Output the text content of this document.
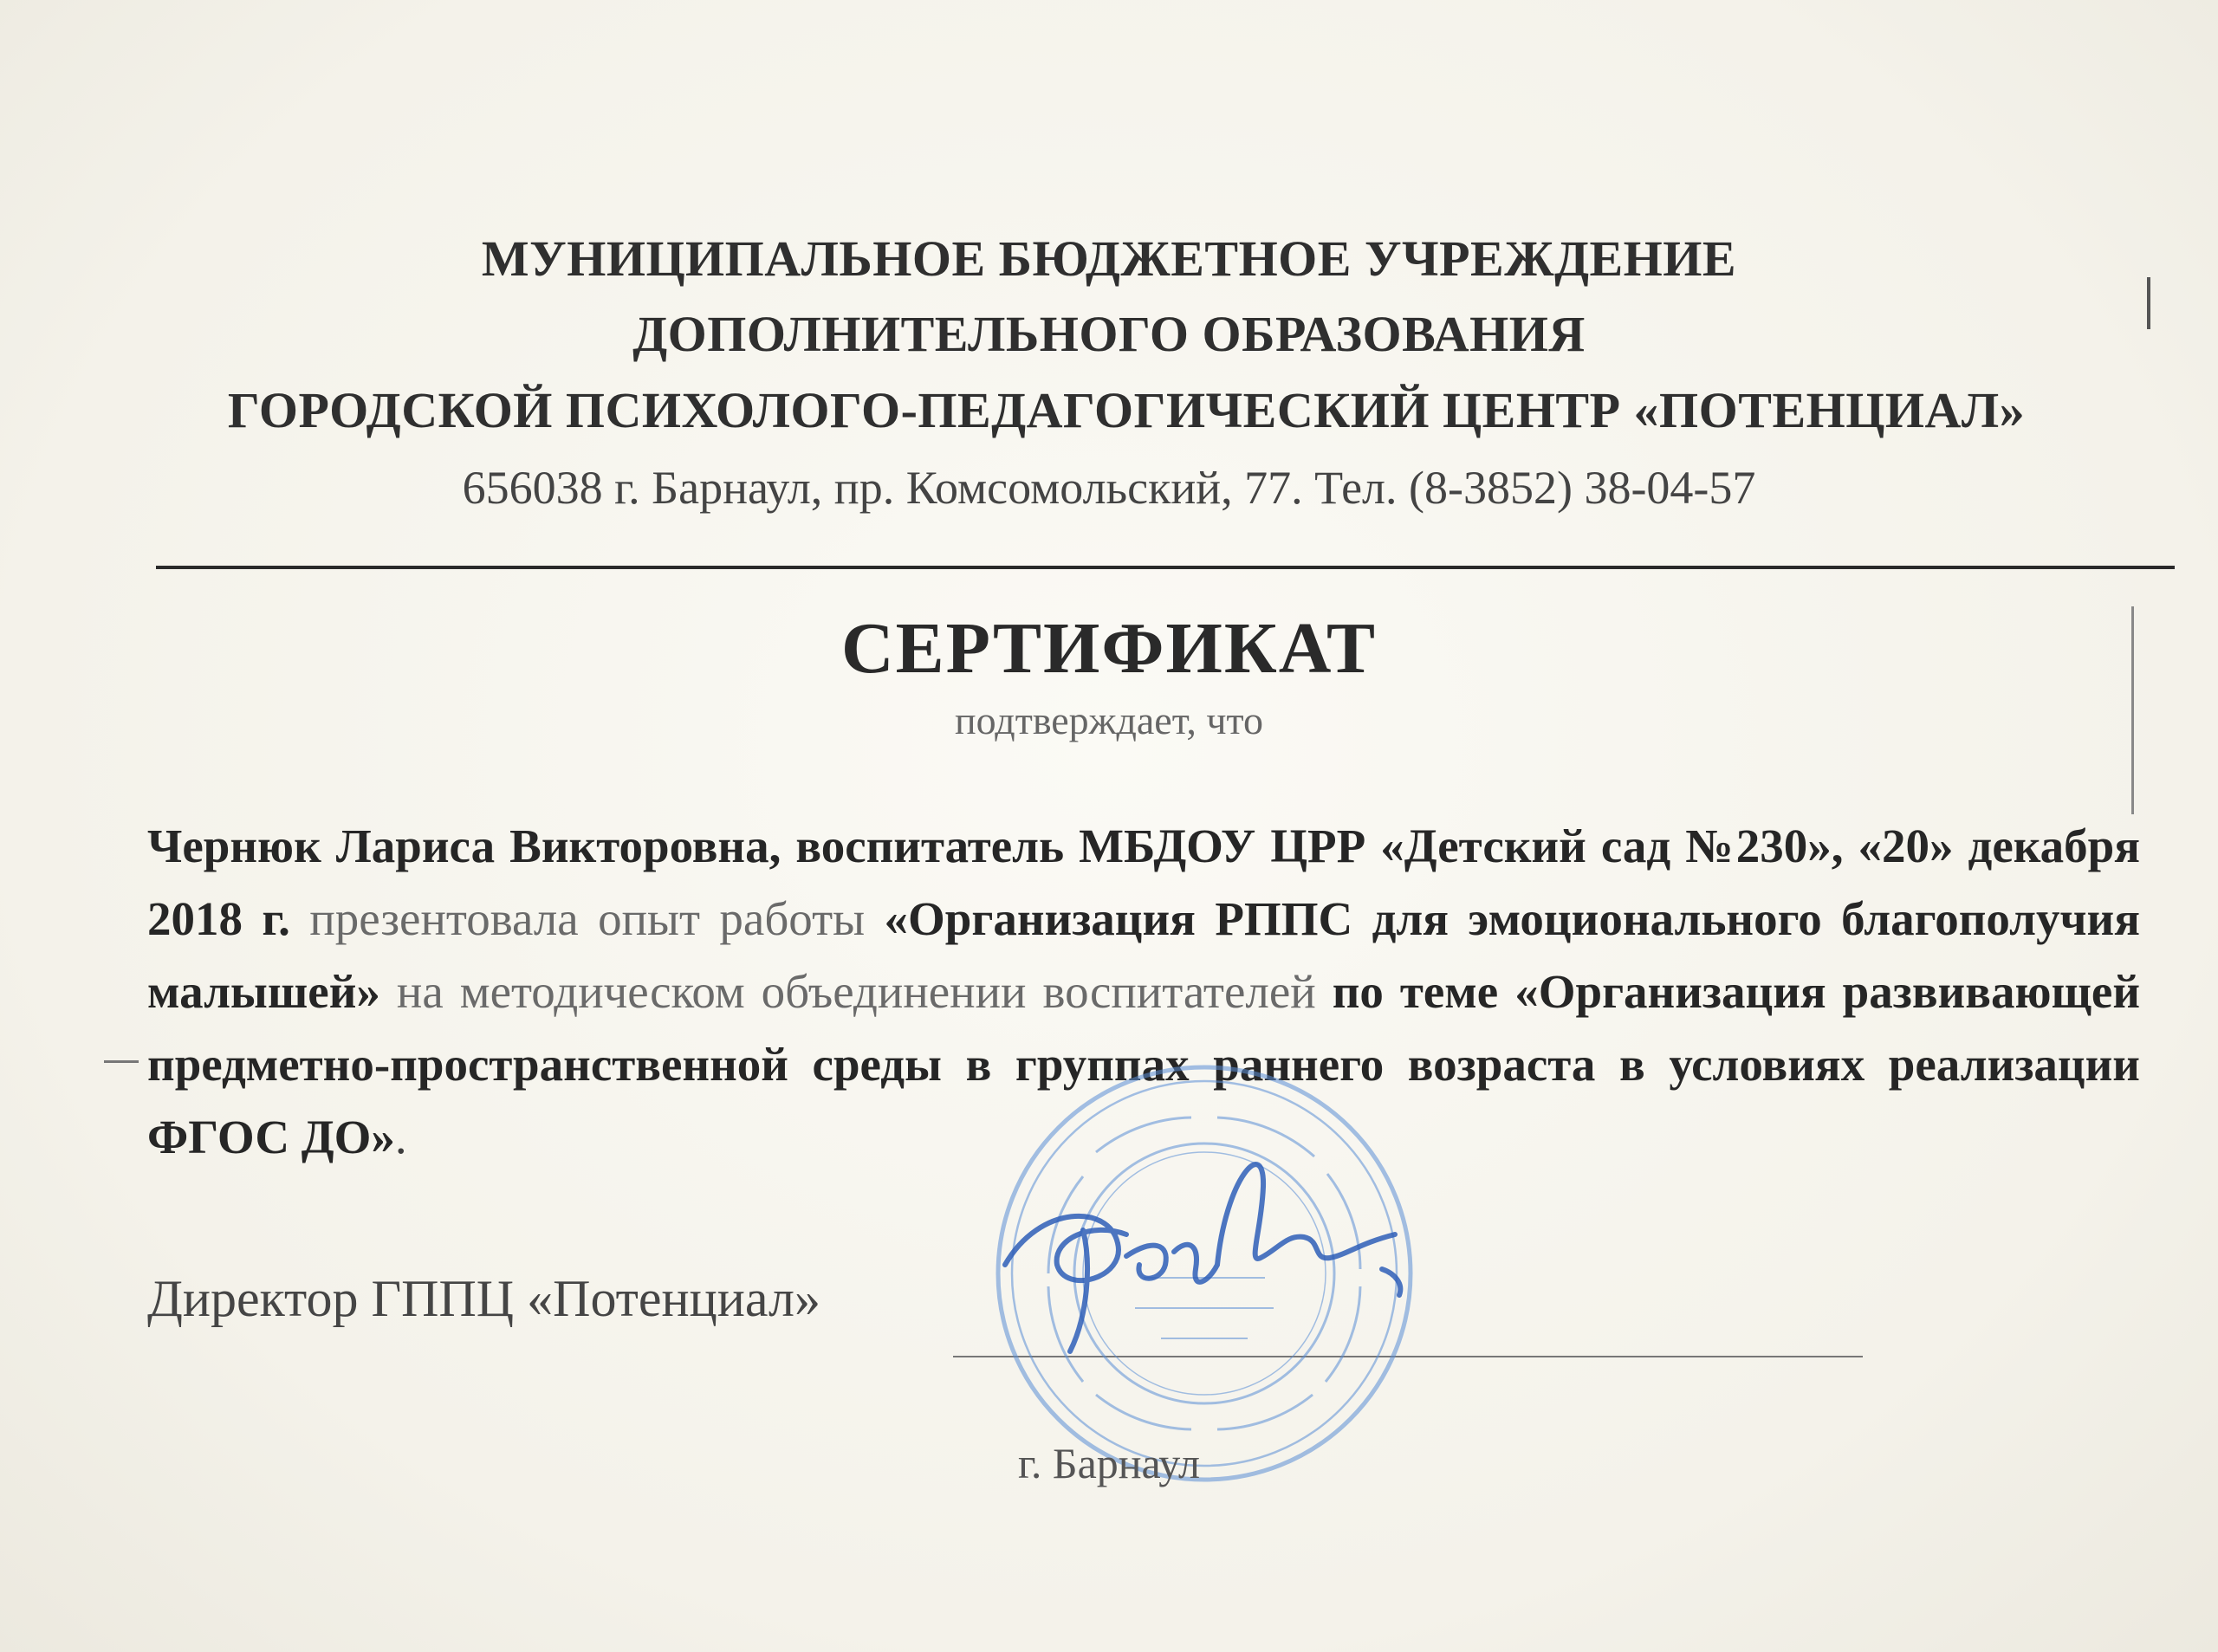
МУНИЦИПАЛЬНОЕ БЮДЖЕТНОЕ УЧРЕЖДЕНИЕ
ДОПОЛНИТЕЛЬНОГО ОБРАЗОВАНИЯ
ГОРОДСКОЙ ПСИХОЛОГО-ПЕДАГОГИЧЕСКИЙ ЦЕНТР «ПОТЕНЦИАЛ»
656038 г. Барнаул, пр. Комсомольский, 77. Тел. (8-3852) 38-04-57
СЕРТИФИКАТ
подтверждает, что
Чернюк Лариса Викторовна, воспитатель МБДОУ ЦРР «Детский сад №230», «20» декабря 2018 г. презентовала опыт работы «Организация РППС для эмоционального благополучия малышей» на методическом объединении воспитателей по теме «Организация развивающей предметно-пространственной среды в группах раннего возраста в условиях реализации ФГОС ДО».
Директор ГППЦ «Потенциал»
г. Барнаул
